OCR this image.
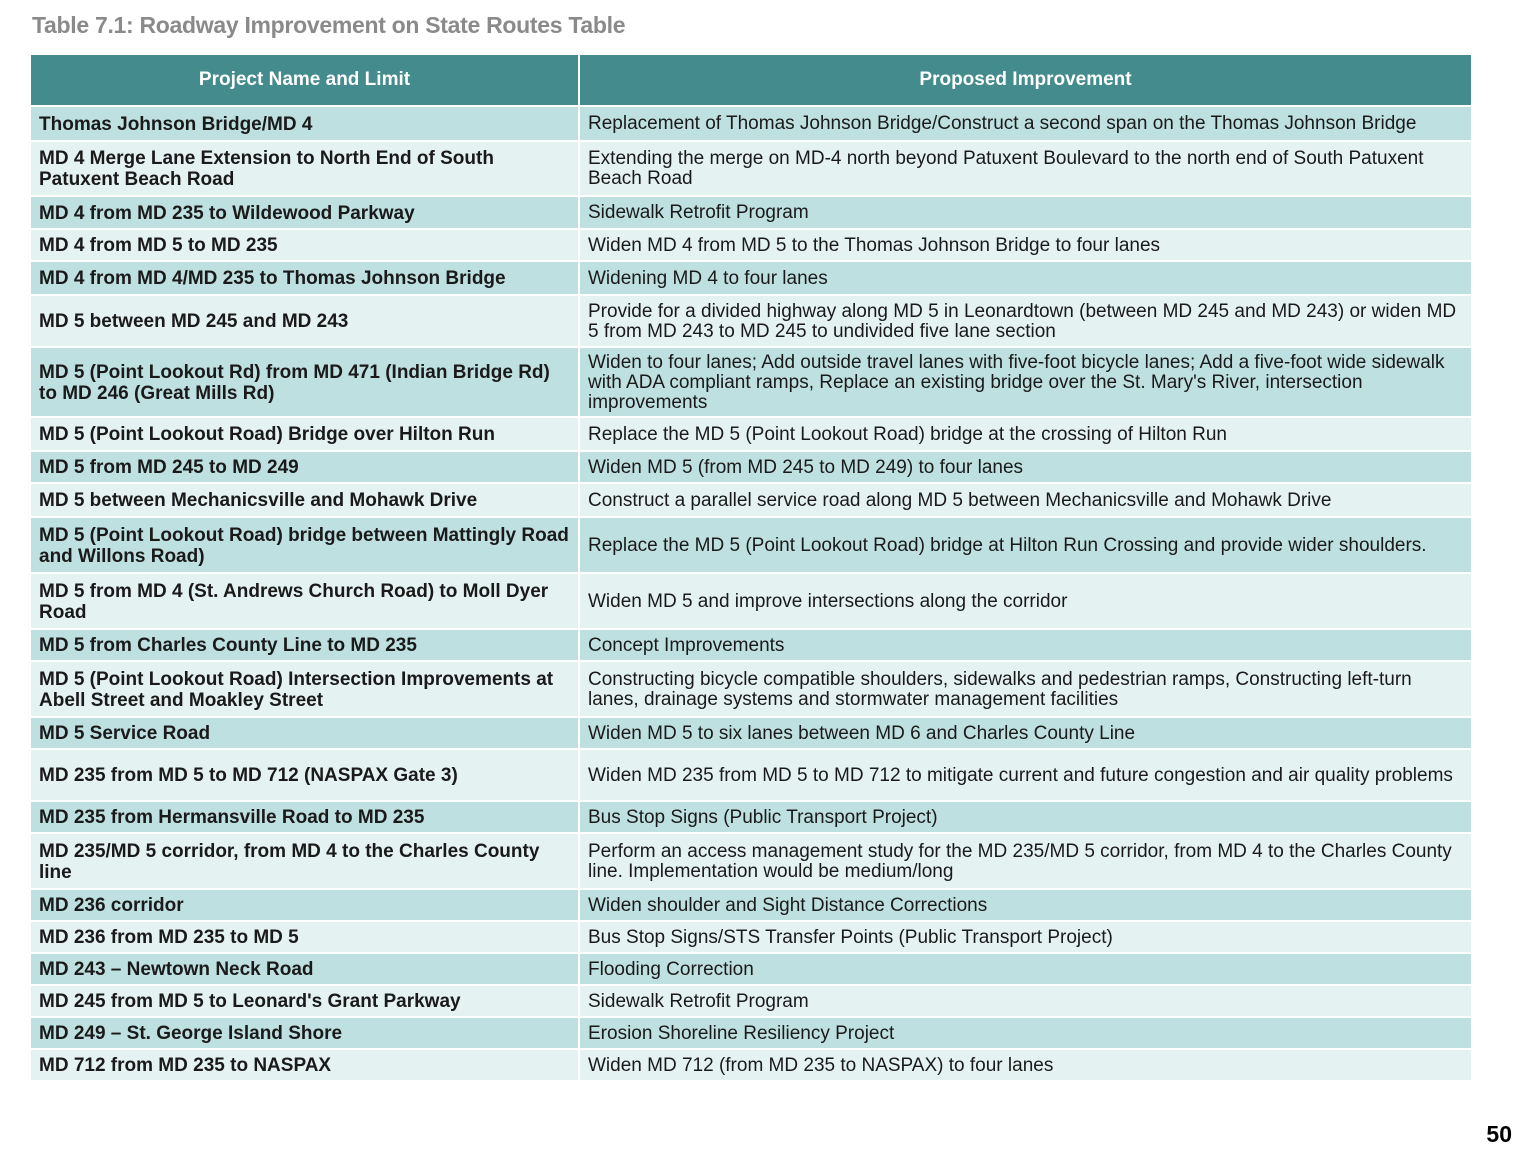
Table 7.1: Roadway Improvement on State Routes Table
Project Name and Limit	Proposed Improvement
Thomas Johnson Bridge/MD 4	Replacement of Thomas Johnson Bridge/Construct a second span on the Thomas Johnson Bridge
MD 4 Merge Lane Extension to North End of South Patuxent Beach Road	Extending the merge on MD-4 north beyond Patuxent Boulevard to the north end of South Patuxent Beach Road
MD 4 from MD 235 to Wildewood Parkway	Sidewalk Retrofit Program
MD 4 from MD 5 to MD 235	Widen MD 4 from MD 5 to the Thomas Johnson Bridge to four lanes
MD 4 from MD 4/MD 235 to Thomas Johnson Bridge	Widening MD 4 to four lanes
MD 5 between MD 245 and MD 243	Provide for a divided highway along MD 5 in Leonardtown (between MD 245 and MD 243) or widen MD 5 from MD 243 to MD 245 to undivided five lane section
MD 5 (Point Lookout Rd) from MD 471 (Indian Bridge Rd) to MD 246 (Great Mills Rd)	Widen to four lanes; Add outside travel lanes with five-foot bicycle lanes; Add a five-foot wide sidewalk with ADA compliant ramps, Replace an existing bridge over the St. Mary's River, intersection improvements
MD 5 (Point Lookout Road) Bridge over Hilton Run	Replace the MD 5 (Point Lookout Road) bridge at the crossing of Hilton Run
MD 5 from MD 245 to MD 249	Widen MD 5 (from MD 245 to MD 249) to four lanes
MD 5 between Mechanicsville and Mohawk Drive	Construct a parallel service road along MD 5 between Mechanicsville and Mohawk Drive
MD 5 (Point Lookout Road) bridge between Mattingly Road and Willons Road)	Replace the MD 5 (Point Lookout Road) bridge at Hilton Run Crossing and provide wider shoulders.
MD 5 from MD 4 (St. Andrews Church Road) to Moll Dyer Road	Widen MD 5 and improve intersections along the corridor
MD 5 from Charles County Line to MD 235	Concept Improvements
MD 5 (Point Lookout Road) Intersection Improvements at Abell Street and Moakley Street	Constructing bicycle compatible shoulders, sidewalks and pedestrian ramps, Constructing left-turn lanes, drainage systems and stormwater management facilities
MD 5 Service Road	Widen MD 5 to six lanes between MD 6 and Charles County Line
MD 235 from MD 5 to MD 712 (NASPAX Gate 3)	Widen MD 235 from MD 5 to MD 712 to mitigate current and future congestion and air quality problems
MD 235 from Hermansville Road to MD 235	Bus Stop Signs (Public Transport Project)
MD 235/MD 5 corridor, from MD 4 to the Charles County line	Perform an access management study for the MD 235/MD 5 corridor, from MD 4 to the Charles County line. Implementation would be medium/long
MD 236 corridor	Widen shoulder and Sight Distance Corrections
MD 236 from MD 235 to MD 5	Bus Stop Signs/STS Transfer Points (Public Transport Project)
MD 243 – Newtown Neck Road	Flooding Correction
MD 245 from MD 5 to Leonard's Grant Parkway	Sidewalk Retrofit Program
MD 249 – St. George Island Shore	Erosion Shoreline Resiliency Project
MD 712 from MD 235 to NASPAX	Widen MD 712 (from MD 235 to NASPAX) to four lanes
50
